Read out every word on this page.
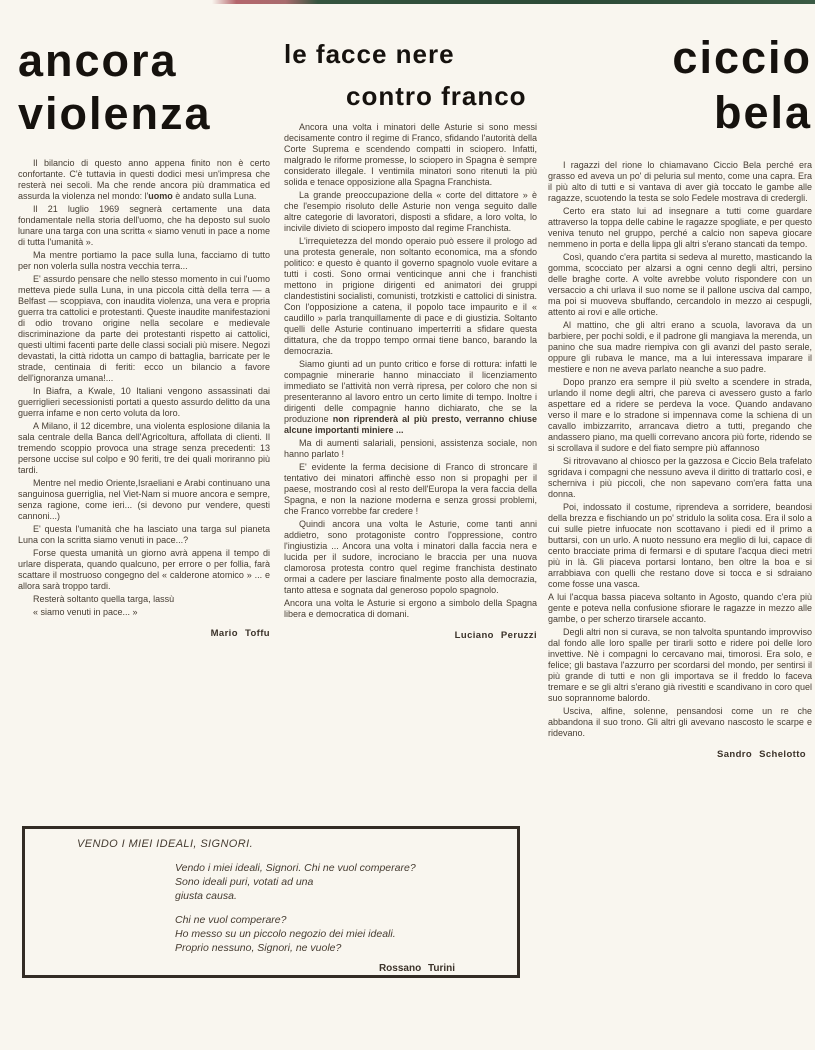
ancora
violenza

Il bilancio di questo anno appena finito non è certo confortante. C'è tuttavia in questi dodici mesi un'impresa che resterà nei secoli. Ma che rende ancora più drammatica ed assurda la violenza nel mondo: l'uomo è andato sulla Luna.

Il 21 luglio 1969 segnerà certamente una data fondamentale nella storia dell'uomo, che ha deposto sul suolo lunare una targa con una scritta « siamo venuti in pace a nome di tutta l'umanità ».

Ma mentre portiamo la pace sulla luna, facciamo di tutto per non volerla sulla nostra vecchia terra...

E' assurdo pensare che nello stesso momento in cui l'uomo metteva piede sulla Luna, in una piccola città della terra — a Belfast — scoppiava, con inaudita violenza, una vera e propria guerra tra cattolici e protestanti. Queste inaudite manifestazioni di odio trovano origine nella secolare e medievale discriminazione da parte dei protestanti rispetto ai cattolici, questi ultimi facenti parte delle classi sociali più misere. Negozi devastati, la città ridotta un campo di battaglia, barricate per le strade, centinaia di feriti: ecco un bilancio a favore dell'ignoranza umana!...

In Biafra, a Kwale, 10 Italiani vengono assassinati dai guerriglieri secessionisti portati a questo assurdo delitto da una guerra infame e non certo voluta da loro.

A Milano, il 12 dicembre, una violenta esplosione dilania la sala centrale della Banca dell'Agricoltura, affollata di clienti. Il tremendo scoppio provoca una strage senza precedenti: 13 persone uccise sul colpo e 90 feriti, tre dei quali moriranno più tardi.

Mentre nel medio Oriente,Israeliani e Arabi continuano una sanguinosa guerriglia, nel Viet-Nam si muore ancora e sempre, senza ragione, come ieri... (si devono pur vendere, questi cannoni...)

E' questa l'umanità che ha lasciato una targa sul pianeta Luna con la scritta siamo venuti in pace...?

Forse questa umanità un giorno avrà appena il tempo di urlare disperata, quando qualcuno, per errore o per follia, farà scattare il mostruoso congegno del « calderone atomico » ... e allora sarà troppo tardi.

Resterà soltanto quella targa, lassù

« siamo venuti in pace... »

Mario Toffu

le facce nere
contro franco

Ancora una volta i minatori delle Asturie si sono messi decisamente contro il regime di Franco, sfidando l'autorità della Corte Suprema e scendendo compatti in sciopero. Infatti, malgrado le riforme promesse, lo sciopero in Spagna è sempre considerato illegale. I ventimila minatori sono ritenuti la più solida e tenace opposizione alla Spagna Franchista.

La grande preoccupazione della « corte del dittatore » è che l'esempio risoluto delle Asturie non venga seguito dalle altre categorie di lavoratori, disposti a sfidare, a loro volta, lo incivile divieto di sciopero imposto dal regime Franchista.

L'irrequietezza del mondo operaio può essere il prologo ad una protesta generale, non soltanto economica, ma a sfondo politico: e questo è quanto il governo spagnolo vuole evitare a tutti i costi. Sono ormai venticinque anni che i franchisti mettono in prigione dirigenti ed animatori dei gruppi clandestistini socialisti, comunisti, trotzkisti e cattolici di sinistra. Con l'opposizione a catena, il popolo tace impaurito e il « caudillo » parla tranquillamente di pace e di giustizia. Soltanto quelli delle Asturie continuano imperterriti a sfidare questa dittatura, che da troppo tempo ormai tiene banco, barando la democrazia.

Siamo giunti ad un punto critico e forse di rottura: infatti le compagnie minerarie hanno minacciato il licenziamento immediato se l'attività non verrà ripresa, per coloro che non si presenteranno al lavoro entro un certo limite di tempo. Inoltre i dirigenti delle compagnie hanno dichiarato, che se la produzione non riprenderà al più presto, verranno chiuse alcune importanti miniere ...

Ma di aumenti salariali, pensioni, assistenza sociale, non hanno parlato !

E' evidente la ferma decisione di Franco di stroncare il tentativo dei minatori affinchè esso non si propaghi per il paese, mostrando così al resto dell'Europa la vera faccia della Spagna, e non la nazione moderna e senza grossi problemi, che Franco vorrebbe far credere !

Quindi ancora una volta le Asturie, come tanti anni addietro, sono protagoniste contro l'oppressione, contro l'ingiustizia ... Ancora una volta i minatori dalla faccia nera e lucida per il sudore, incrociano le braccia per una nuova clamorosa protesta contro quel regime franchista destinato ormai a cadere per lasciare finalmente posto alla democrazia, tanto attesa e sognata dal generoso popolo spagnolo.

Ancora una volta le Asturie si ergono a simbolo della Spagna libera e democratica di domani.

Luciano Peruzzi

ciccio
bela

I ragazzi del rione lo chiamavano Ciccio Bela perché era grasso ed aveva un po' di peluria sul mento, come una capra. Era il più alto di tutti e si vantava di aver già toccato le gambe alle ragazze, scuotendo la testa se solo Fedele mostrava di credergli.

Certo era stato lui ad insegnare a tutti come guardare attraverso la toppa delle cabine le ragazze spogliate, e per questo veniva tenuto nel gruppo, perché a calcio non sapeva giocare nemmeno in porta e della lippa gli altri s'erano stancati da tempo.

Così, quando c'era partita si sedeva al muretto, masticando la gomma, scocciato per alzarsi a ogni cenno degli altri, persino delle braghe corte. A volte avrebbe voluto rispondere con un versaccio a chi urlava il suo nome se il pallone usciva dal campo, ma poi si muoveva sbuffando, cercandolo in mezzo ai cespugli, attento ai rovi e alle ortiche.

Al mattino, che gli altri erano a scuola, lavorava da un barbiere, per pochi soldi, e il padrone gli mangiava la merenda, un panino che sua madre riempiva con gli avanzi del pasto serale, oppure gli rubava le mance, ma a lui interessava imparare il mestiere e non ne aveva parlato neanche a suo padre.

Dopo pranzo era sempre il più svelto a scendere in strada, urlando il nome degli altri, che pareva ci avessero gusto a farlo aspettare ed a ridere se perdeva la voce. Quando andavano verso il mare e lo stradone si impennava come la schiena di un cavallo imbizzarrito, arrancava dietro a tutti, pregando che andassero piano, ma quelli correvano ancora più forte, ridendo se si scrollava il sudore e del fiato sempre più affannoso

Si ritrovavano al chiosco per la gazzosa e Ciccio Bela trafelato sgridava i compagni che nessuno aveva il diritto di trattarlo così, e scherniva i più piccoli, che non sapevano com'era fatta una donna.

Poi, indossato il costume, riprendeva a sorridere, beandosi della brezza e fischiando un po' stridulo la solita cosa. Era il solo a cui sulle pietre infuocate non scottavano i piedi ed il primo a buttarsi, con un urlo. A nuoto nessuno era meglio di lui, capace di cento bracciate prima di fermarsi e di sputare l'acqua dieci metri più in là. Gli piaceva portarsi lontano, ben oltre la boa e si arrabbiava con quelli che restano dove si tocca e si sdraiano come fosse una vasca.

A lui l'acqua bassa piaceva soltanto in Agosto, quando c'era più gente e poteva nella confusione sfiorare le ragazze in mezzo alle gambe, o per scherzo tirarsele accanto.

Degli altri non si curava, se non talvolta spuntando improvviso dal fondo alle loro spalle per tirarli sotto e ridere poi delle loro invettive. Nè i compagni lo cercavano mai, timorosi. Era solo, e felice; gli bastava l'azzurro per scordarsi del mondo, per sentirsi il più grande di tutti e non gli importava se il freddo lo faceva tremare e se gli altri s'erano già rivestiti e scandivano in coro quel suo soprannome balordo.

Usciva, alfine, solenne, pensandosi come un re che abbandona il suo trono. Gli altri gli avevano nascosto le scarpe e ridevano.

Sandro Schelotto

VENDO I MIEI IDEALI, SIGNORI.
Vendo i miei ideali, Signori. Chi ne vuol comperare?
Sono ideali puri, votati ad una
giusta causa.
Chi ne vuol comperare?
Ho messo su un piccolo negozio dei miei ideali.
Proprio nessuno, Signori, ne vuole?
Rossano Turini
